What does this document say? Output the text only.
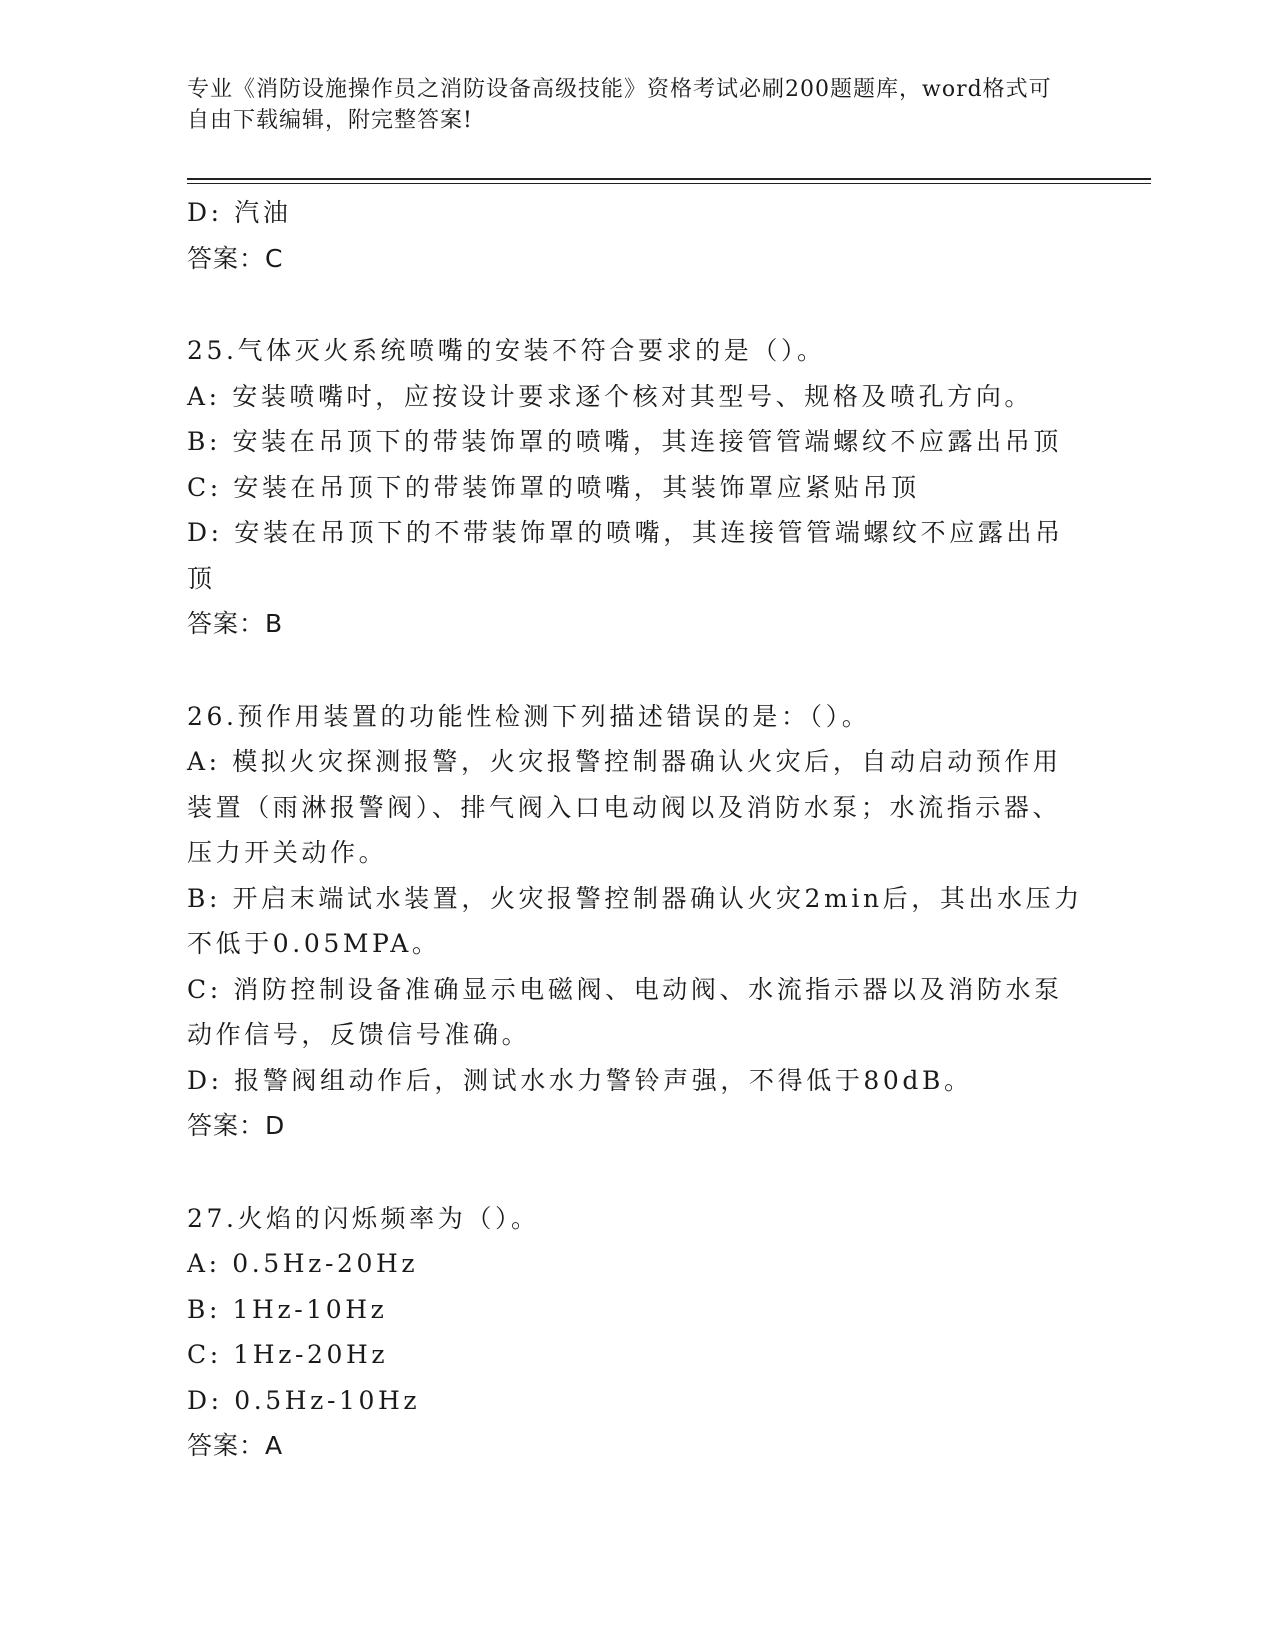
专业《消防设施操作员之消防设备高级技能》资格考试必刷200题题库，word格式可自由下载编辑，附完整答案!
D: 汽油
答案：C
25.气体灭火系统喷嘴的安装不符合要求的是（）。
A: 安装喷嘴吋，应按设计要求逐个核对其型号、规格及喷孔方向。
B: 安装在吊顶下的带装饰罩的喷嘴，其连接管管端螺纹不应露出吊顶
C: 安装在吊顶下的带装饰罩的喷嘴，其装饰罩应紧贴吊顶
D: 安装在吊顶下的不带装饰罩的喷嘴，其连接管管端螺纹不应露出吊顶
答案：B
26.预作用装置的功能性检测下列描述错误的是：（）。
A: 模拟火灾探测报警，火灾报警控制器确认火灾后，自动启动预作用装置（雨淋报警阀）、排气阀入口电动阀以及消防水泵；水流指示器、压力开关动作。
B: 开启末端试水装置，火灾报警控制器确认火灾2min后，其出水压力不低于0.05MPA。
C: 消防控制设备准确显示电磁阀、电动阀、水流指示器以及消防水泵动作信号，反馈信号准确。
D: 报警阀组动作后，测试水水力警铃声强，不得低于80dB。
答案：D
27.火焰的闪烁频率为（）。
A: 0.5Hz-20Hz
B: 1Hz-10Hz
C: 1Hz-20Hz
D: 0.5Hz-10Hz
答案：A
